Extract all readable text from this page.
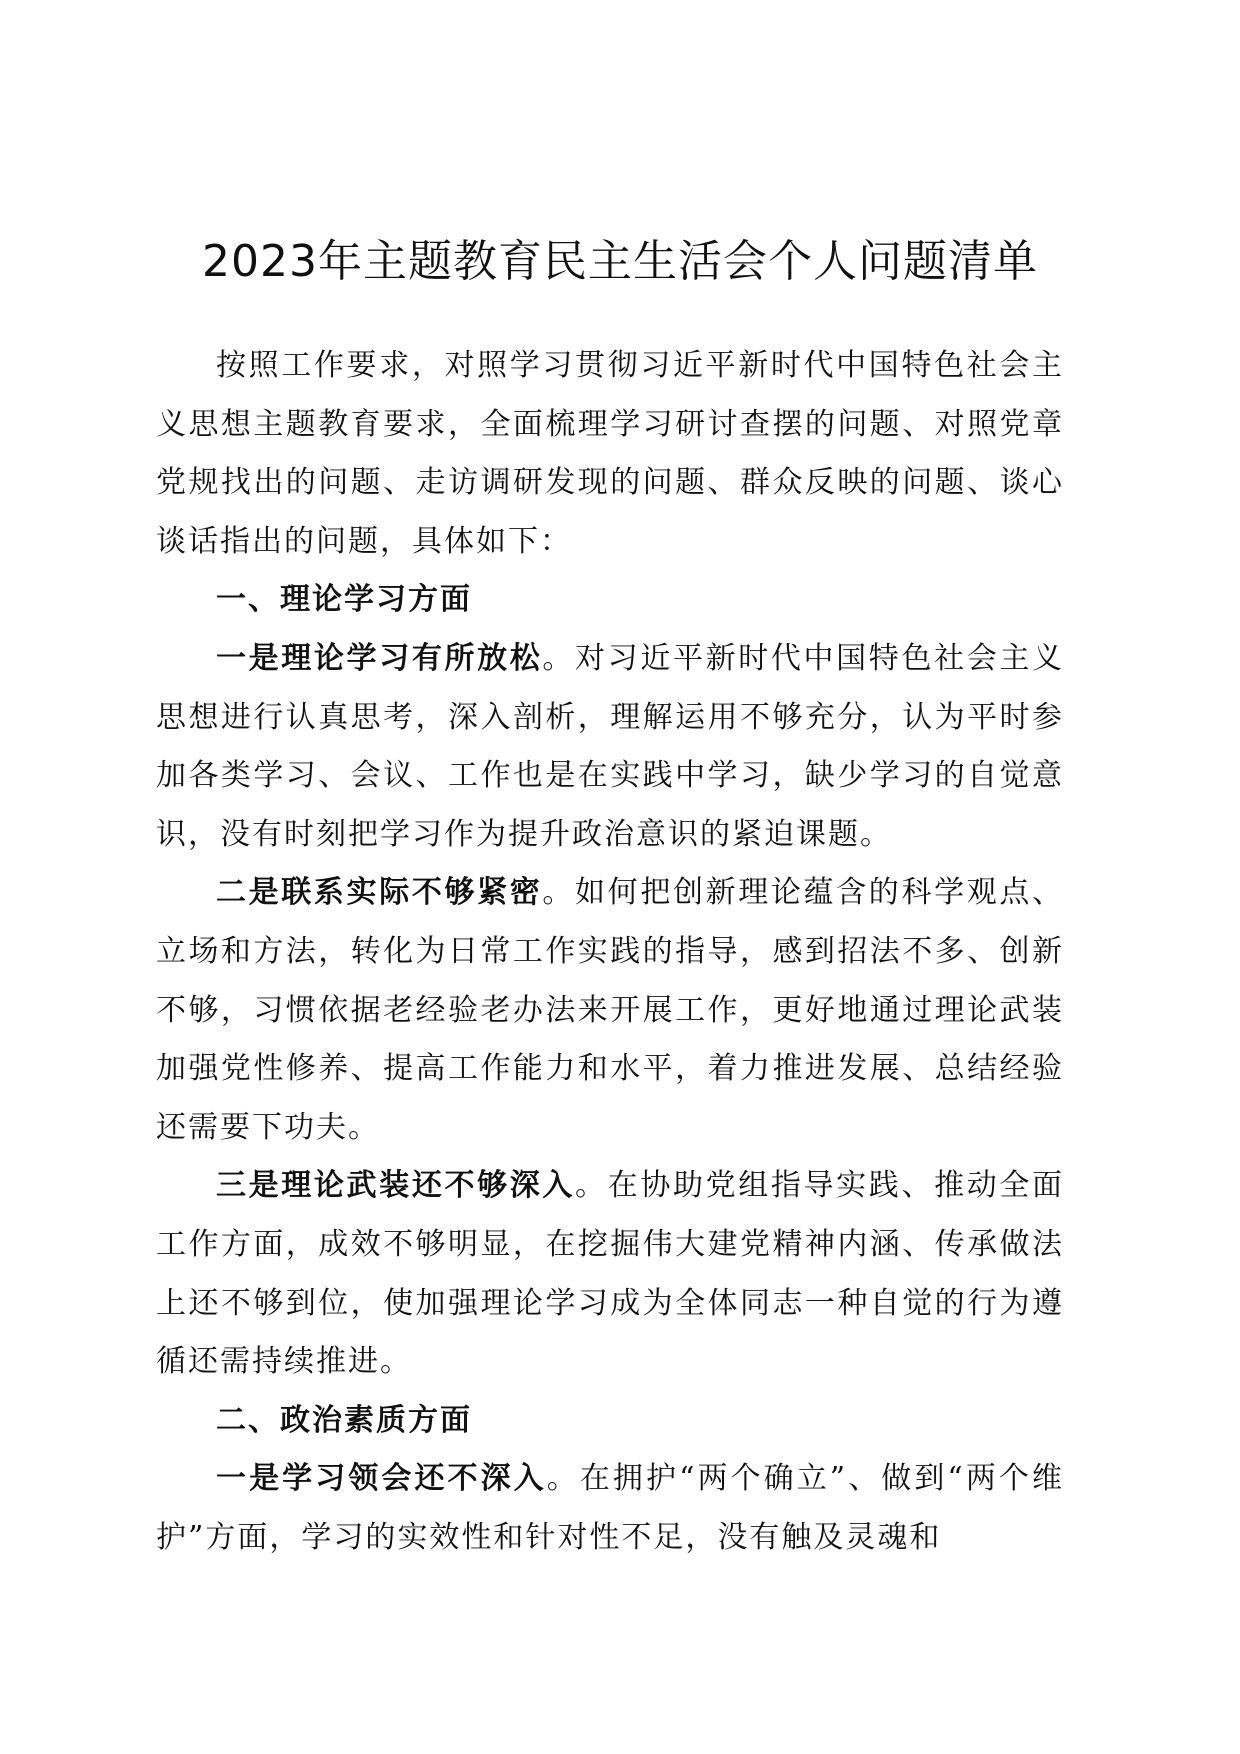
2023年主题教育民主生活会个人问题清单

按照工作要求，对照学习贯彻习近平新时代中国特色社会主义思想主题教育要求，全面梳理学习研讨查摆的问题、对照党章党规找出的问题、走访调研发现的问题、群众反映的问题、谈心谈话指出的问题，具体如下：

一、理论学习方面

一是理论学习有所放松。对习近平新时代中国特色社会主义思想进行认真思考，深入剖析，理解运用不够充分，认为平时参加各类学习、会议、工作也是在实践中学习，缺少学习的自觉意识，没有时刻把学习作为提升政治意识的紧迫课题。

二是联系实际不够紧密。如何把创新理论蕴含的科学观点、立场和方法，转化为日常工作实践的指导，感到招法不多、创新不够，习惯依据老经验老办法来开展工作，更好地通过理论武装加强党性修养、提高工作能力和水平，着力推进发展、总结经验还需要下功夫。

三是理论武装还不够深入。在协助党组指导实践、推动全面工作方面，成效不够明显，在挖掘伟大建党精神内涵、传承做法上还不够到位，使加强理论学习成为全体同志一种自觉的行为遵循还需持续推进。

二、政治素质方面

一是学习领会还不深入。在拥护“两个确立”、做到“两个维护”方面，学习的实效性和针对性不足，没有触及灵魂和
